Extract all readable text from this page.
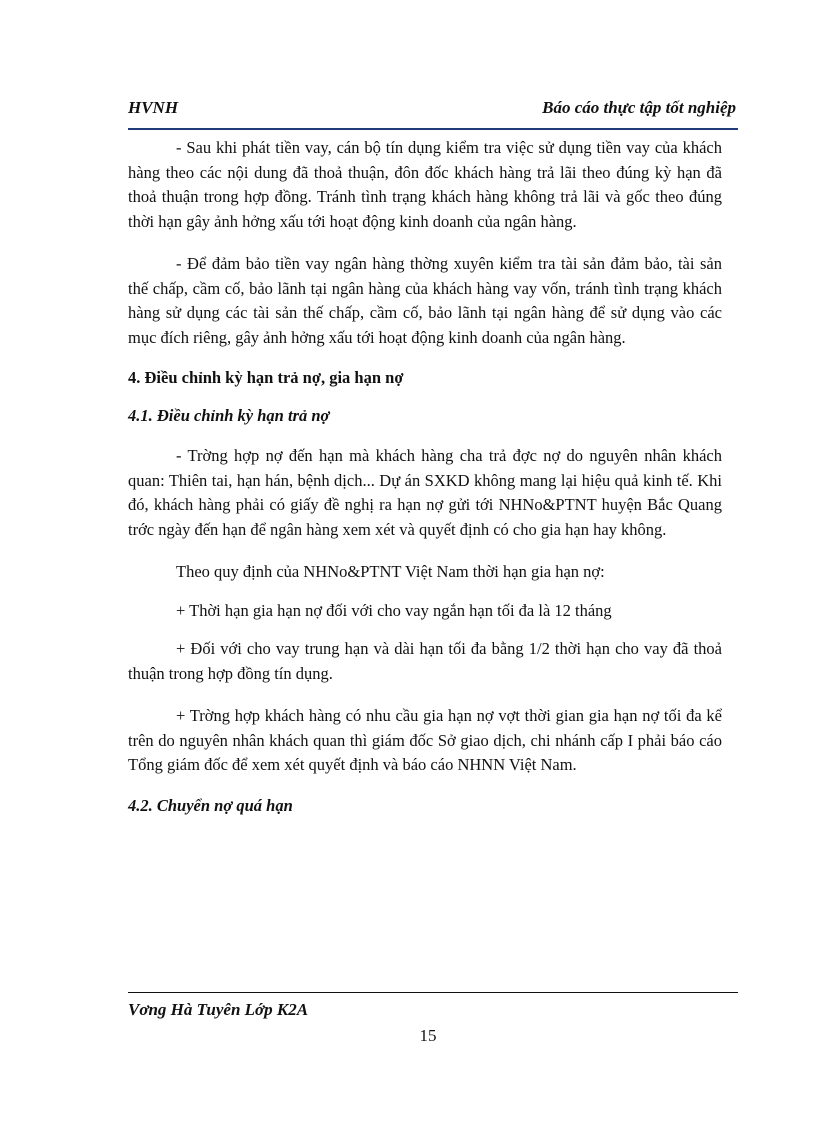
HVNH	Báo cáo thực tập tốt nghiệp

- Sau khi phát tiền vay, cán bộ tín dụng kiểm tra việc sử dụng tiền vay của khách hàng theo các nội dung đã thoả thuận, đôn đốc khách hàng trả lãi theo đúng kỳ hạn đã thoả thuận trong hợp đồng. Tránh tình trạng khách hàng không trả lãi và gốc theo đúng thời hạn gây ảnh hởng xấu tới hoạt động kinh doanh của ngân hàng.

- Để đảm bảo tiền vay ngân hàng thờng xuyên kiểm tra tài sản đảm bảo, tài sản thế chấp, cầm cố, bảo lãnh tại ngân hàng của khách hàng vay vốn, tránh tình trạng khách hàng sử dụng các tài sản thế chấp, cầm cố, bảo lãnh tại ngân hàng để sử dụng vào các mục đích riêng, gây ảnh hởng xấu tới hoạt động kinh doanh của ngân hàng.

4. Điều chỉnh kỳ hạn trả nợ, gia hạn nợ
4.1. Điều chỉnh kỳ hạn trả nợ

- Trờng hợp nợ đến hạn mà khách hàng cha trả đợc nợ do nguyên nhân khách quan: Thiên tai, hạn hán, bệnh dịch... Dự án SXKD không mang lại hiệu quả kinh tế. Khi đó, khách hàng phải có giấy đề nghị ra hạn nợ gửi tới NHNo&PTNT huyện Bắc Quang trớc ngày đến hạn để ngân hàng xem xét và quyết định có cho gia hạn hay không.

Theo quy định của NHNo&PTNT Việt Nam thời hạn gia hạn nợ:

+ Thời hạn gia hạn nợ đối với cho vay ngắn hạn tối đa là 12 tháng

+ Đối với cho vay trung hạn và dài hạn tối đa bằng 1/2 thời hạn cho vay đã thoả thuận trong hợp đồng tín dụng.

+ Trờng hợp khách hàng có nhu cầu gia hạn nợ vợt thời gian gia hạn nợ tối đa kể trên do nguyên nhân khách quan thì giám đốc Sở giao dịch, chi nhánh cấp I phải báo cáo Tổng giám đốc để xem xét quyết định và báo cáo NHNN Việt Nam.

4.2. Chuyển nợ quá hạn
Vơng Hà Tuyên Lớp K2A
15
